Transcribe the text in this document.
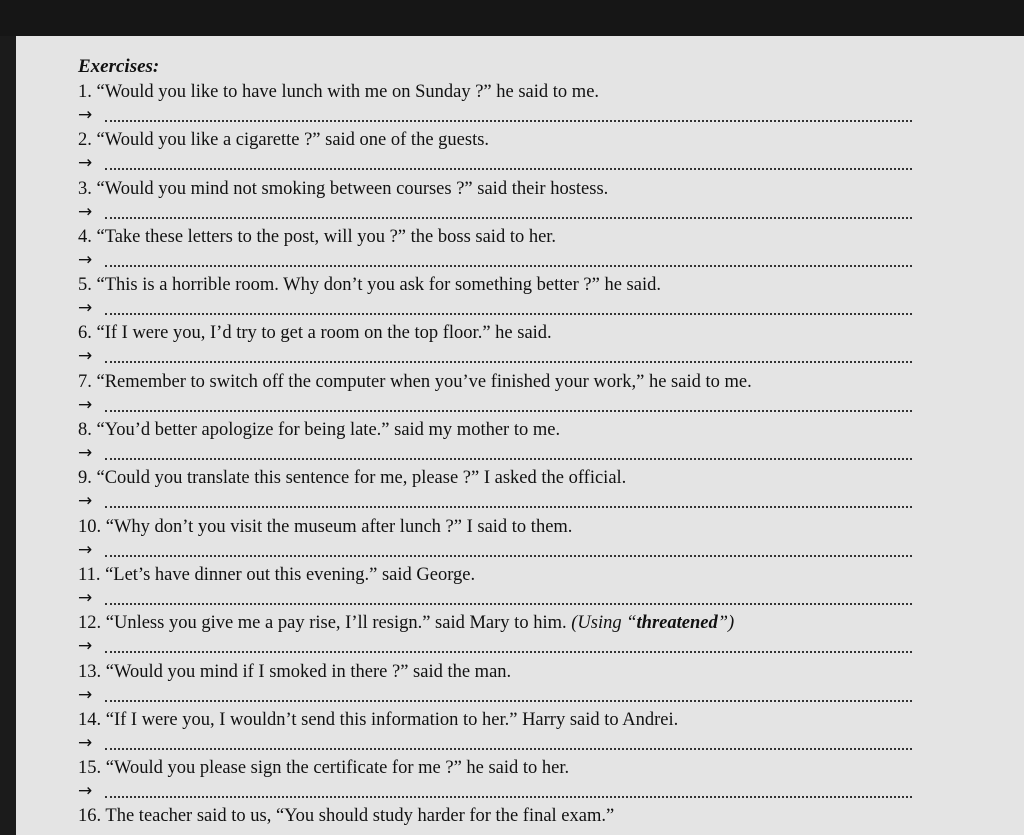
Exercises:
1. “Would you like to have lunch with me on Sunday ?” he said to me.
→
2. “Would you like a cigarette ?” said one of the guests.
→
3. “Would you mind not smoking between courses ?” said their hostess.
→
4. “Take these letters to the post, will you ?” the boss said to her.
→
5. “This is a horrible room. Why don’t you ask for something better ?” he said.
→
6. “If I were you, I’d try to get a room on the top floor.” he said.
→
7. “Remember to switch off the computer when you’ve finished your work,” he said to me.
→
8. “You’d better apologize for being late.” said my mother to me.
→
9. “Could you translate this sentence for me, please ?” I asked the official.
→
10. “Why don’t you visit the museum after lunch ?” I said to them.
→
11. “Let’s have dinner out this evening.” said George.
→
12. “Unless you give me a pay rise, I’ll resign.” said Mary to him. (Using “threatened”)
→
13. “Would you mind if I smoked in there ?” said the man.
→
14. “If I were you, I wouldn’t send this information to her.” Harry said to Andrei.
→
15. “Would you please sign the certificate for me ?” he said to her.
→
16. The teacher said to us, “You should study harder for the final exam.”
